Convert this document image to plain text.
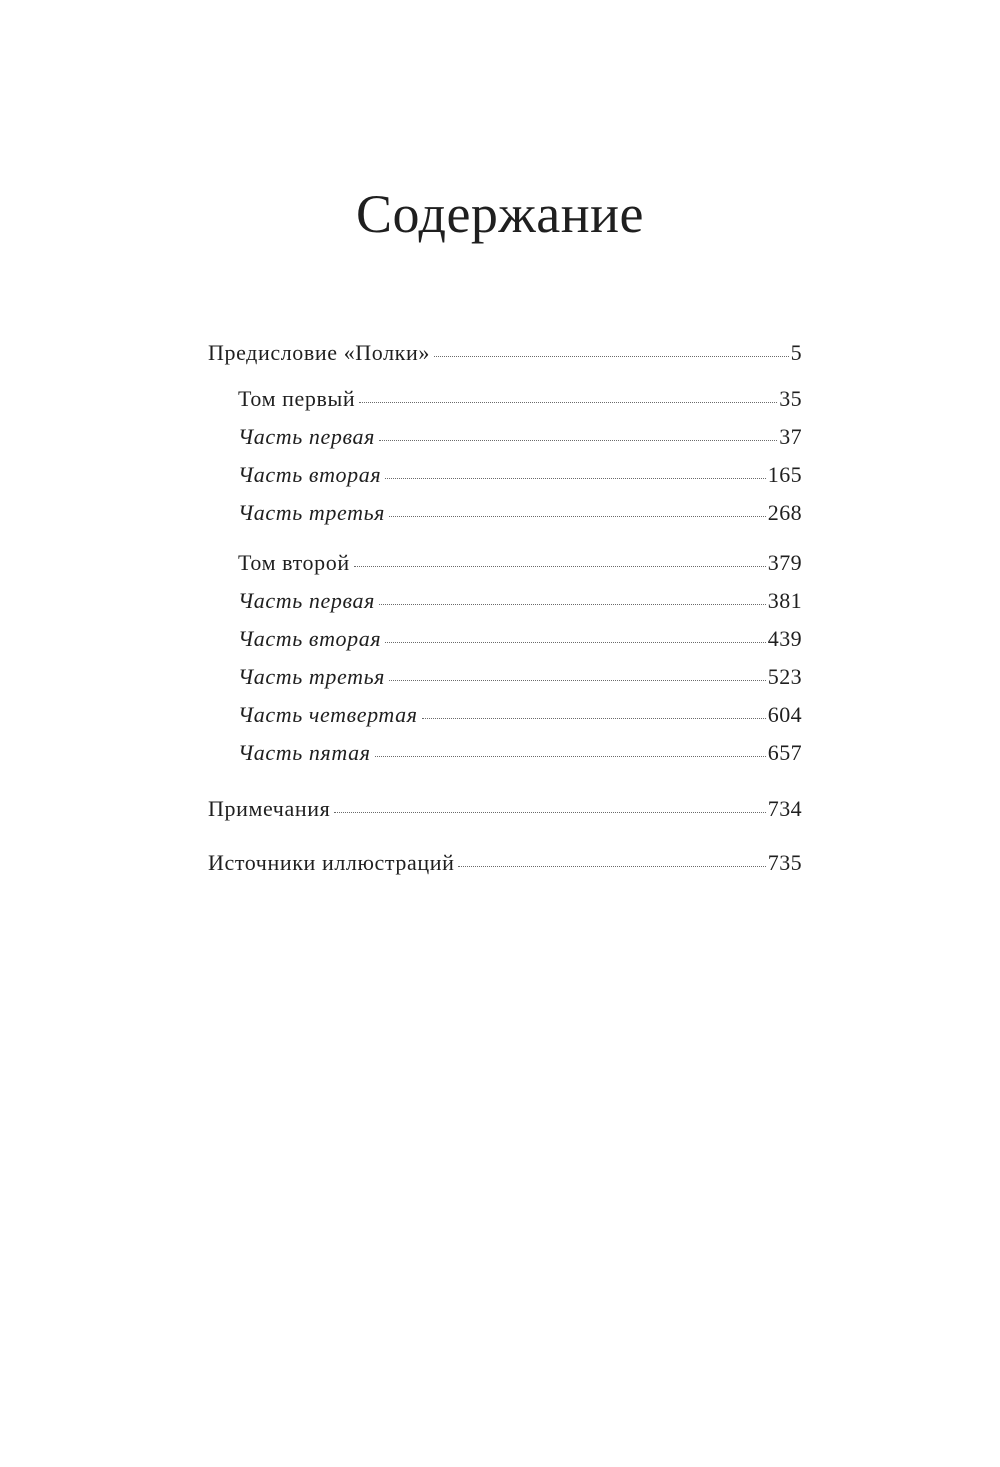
Содержание
Предисловие «Полки»	5
Том первый	35
Часть первая	37
Часть вторая	165
Часть третья	268
Том второй	379
Часть первая	381
Часть вторая	439
Часть третья	523
Часть четвертая	604
Часть пятая	657
Примечания	734
Источники иллюстраций	735
